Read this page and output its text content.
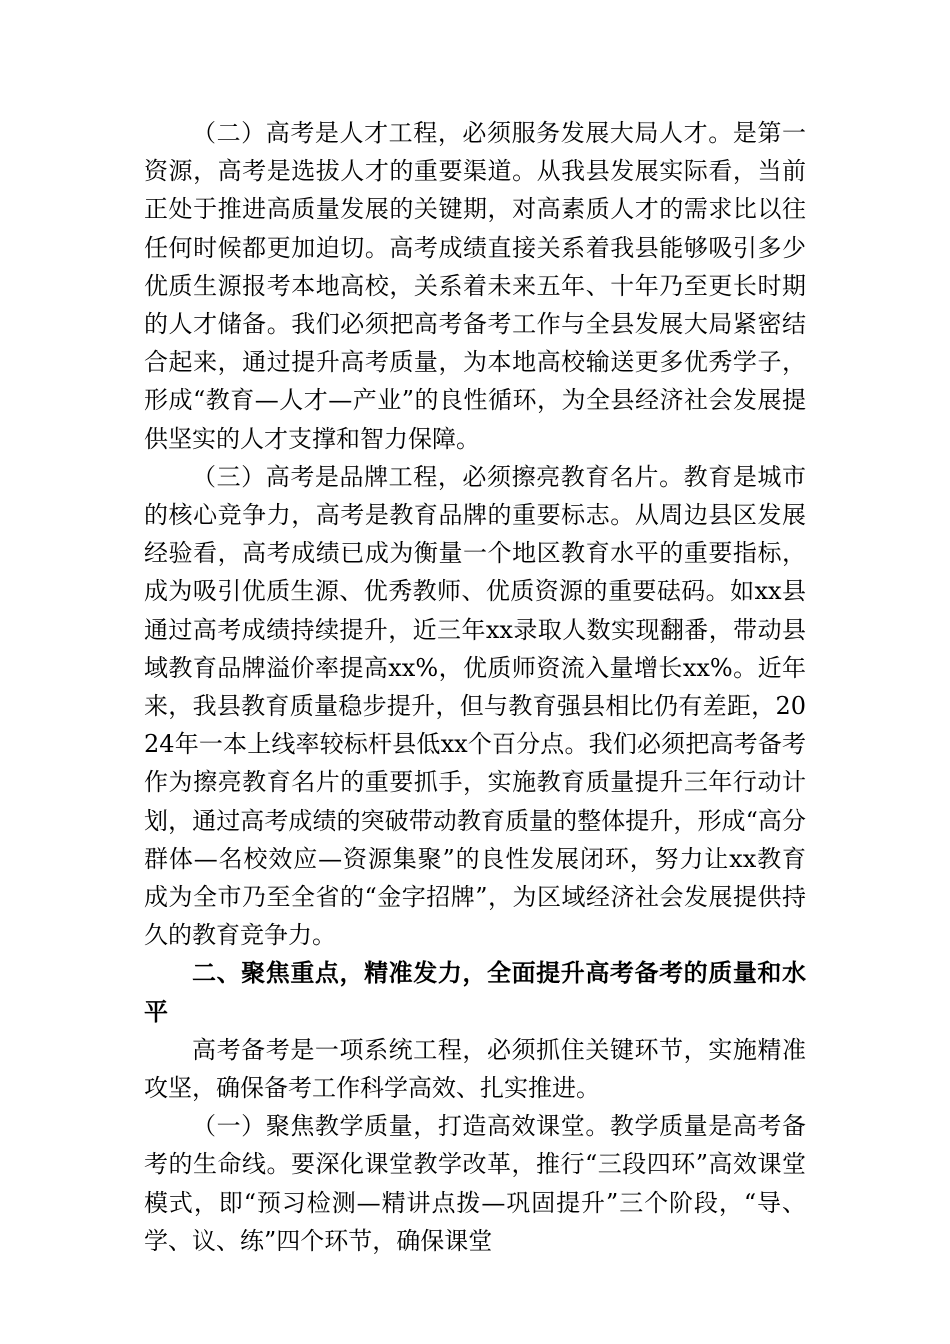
（二）高考是人才工程，必须服务发展大局人才。是第一资源，高考是选拔人才的重要渠道。从我县发展实际看，当前正处于推进高质量发展的关键期，对高素质人才的需求比以往任何时候都更加迫切。高考成绩直接关系着我县能够吸引多少优质生源报考本地高校，关系着未来五年、十年乃至更长时期的人才储备。我们必须把高考备考工作与全县发展大局紧密结合起来，通过提升高考质量，为本地高校输送更多优秀学子，形成“教育—人才—产业”的良性循环，为全县经济社会发展提供坚实的人才支撑和智力保障。

（三）高考是品牌工程，必须擦亮教育名片。教育是城市的核心竞争力，高考是教育品牌的重要标志。从周边县区发展经验看，高考成绩已成为衡量一个地区教育水平的重要指标，成为吸引优质生源、优秀教师、优质资源的重要砝码。如xx县通过高考成绩持续提升，近三年xx录取人数实现翻番，带动县域教育品牌溢价率提高xx%，优质师资流入量增长xx%。近年来，我县教育质量稳步提升，但与教育强县相比仍有差距，2024年一本上线率较标杆县低xx个百分点。我们必须把高考备考作为擦亮教育名片的重要抓手，实施教育质量提升三年行动计划，通过高考成绩的突破带动教育质量的整体提升，形成“高分群体—名校效应—资源集聚”的良性发展闭环，努力让xx教育成为全市乃至全省的“金字招牌”，为区域经济社会发展提供持久的教育竞争力。

二、聚焦重点，精准发力，全面提升高考备考的质量和水平

高考备考是一项系统工程，必须抓住关键环节，实施精准攻坚，确保备考工作科学高效、扎实推进。

（一）聚焦教学质量，打造高效课堂。教学质量是高考备考的生命线。要深化课堂教学改革，推行“三段四环”高效课堂模式，即“预习检测—精讲点拨—巩固提升”三个阶段，“导、学、议、练”四个环节，确保课堂
